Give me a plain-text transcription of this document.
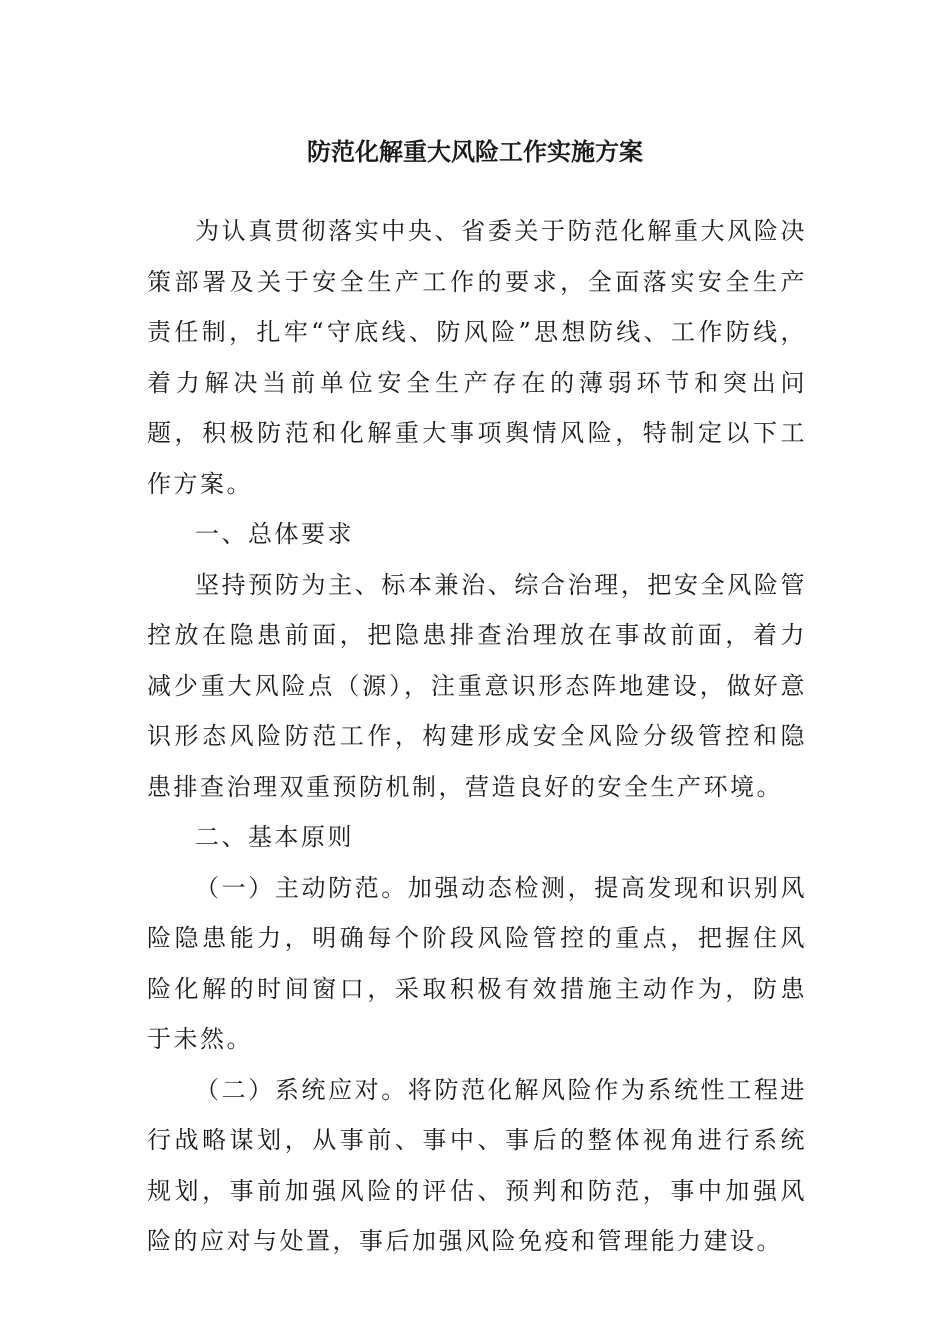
防范化解重大风险工作实施方案

为认真贯彻落实中央、省委关于防范化解重大风险决策部署及关于安全生产工作的要求，全面落实安全生产责任制，扎牢“守底线、防风险”思想防线、工作防线，着力解决当前单位安全生产存在的薄弱环节和突出问题，积极防范和化解重大事项舆情风险，特制定以下工作方案。

一、总体要求

坚持预防为主、标本兼治、综合治理，把安全风险管控放在隐患前面，把隐患排查治理放在事故前面，着力减少重大风险点（源），注重意识形态阵地建设，做好意识形态风险防范工作，构建形成安全风险分级管控和隐患排查治理双重预防机制，营造良好的安全生产环境。

二、基本原则

（一）主动防范。加强动态检测，提高发现和识别风险隐患能力，明确每个阶段风险管控的重点，把握住风险化解的时间窗口，采取积极有效措施主动作为，防患于未然。

（二）系统应对。将防范化解风险作为系统性工程进行战略谋划，从事前、事中、事后的整体视角进行系统规划，事前加强风险的评估、预判和防范，事中加强风险的应对与处置，事后加强风险免疫和管理能力建设。
